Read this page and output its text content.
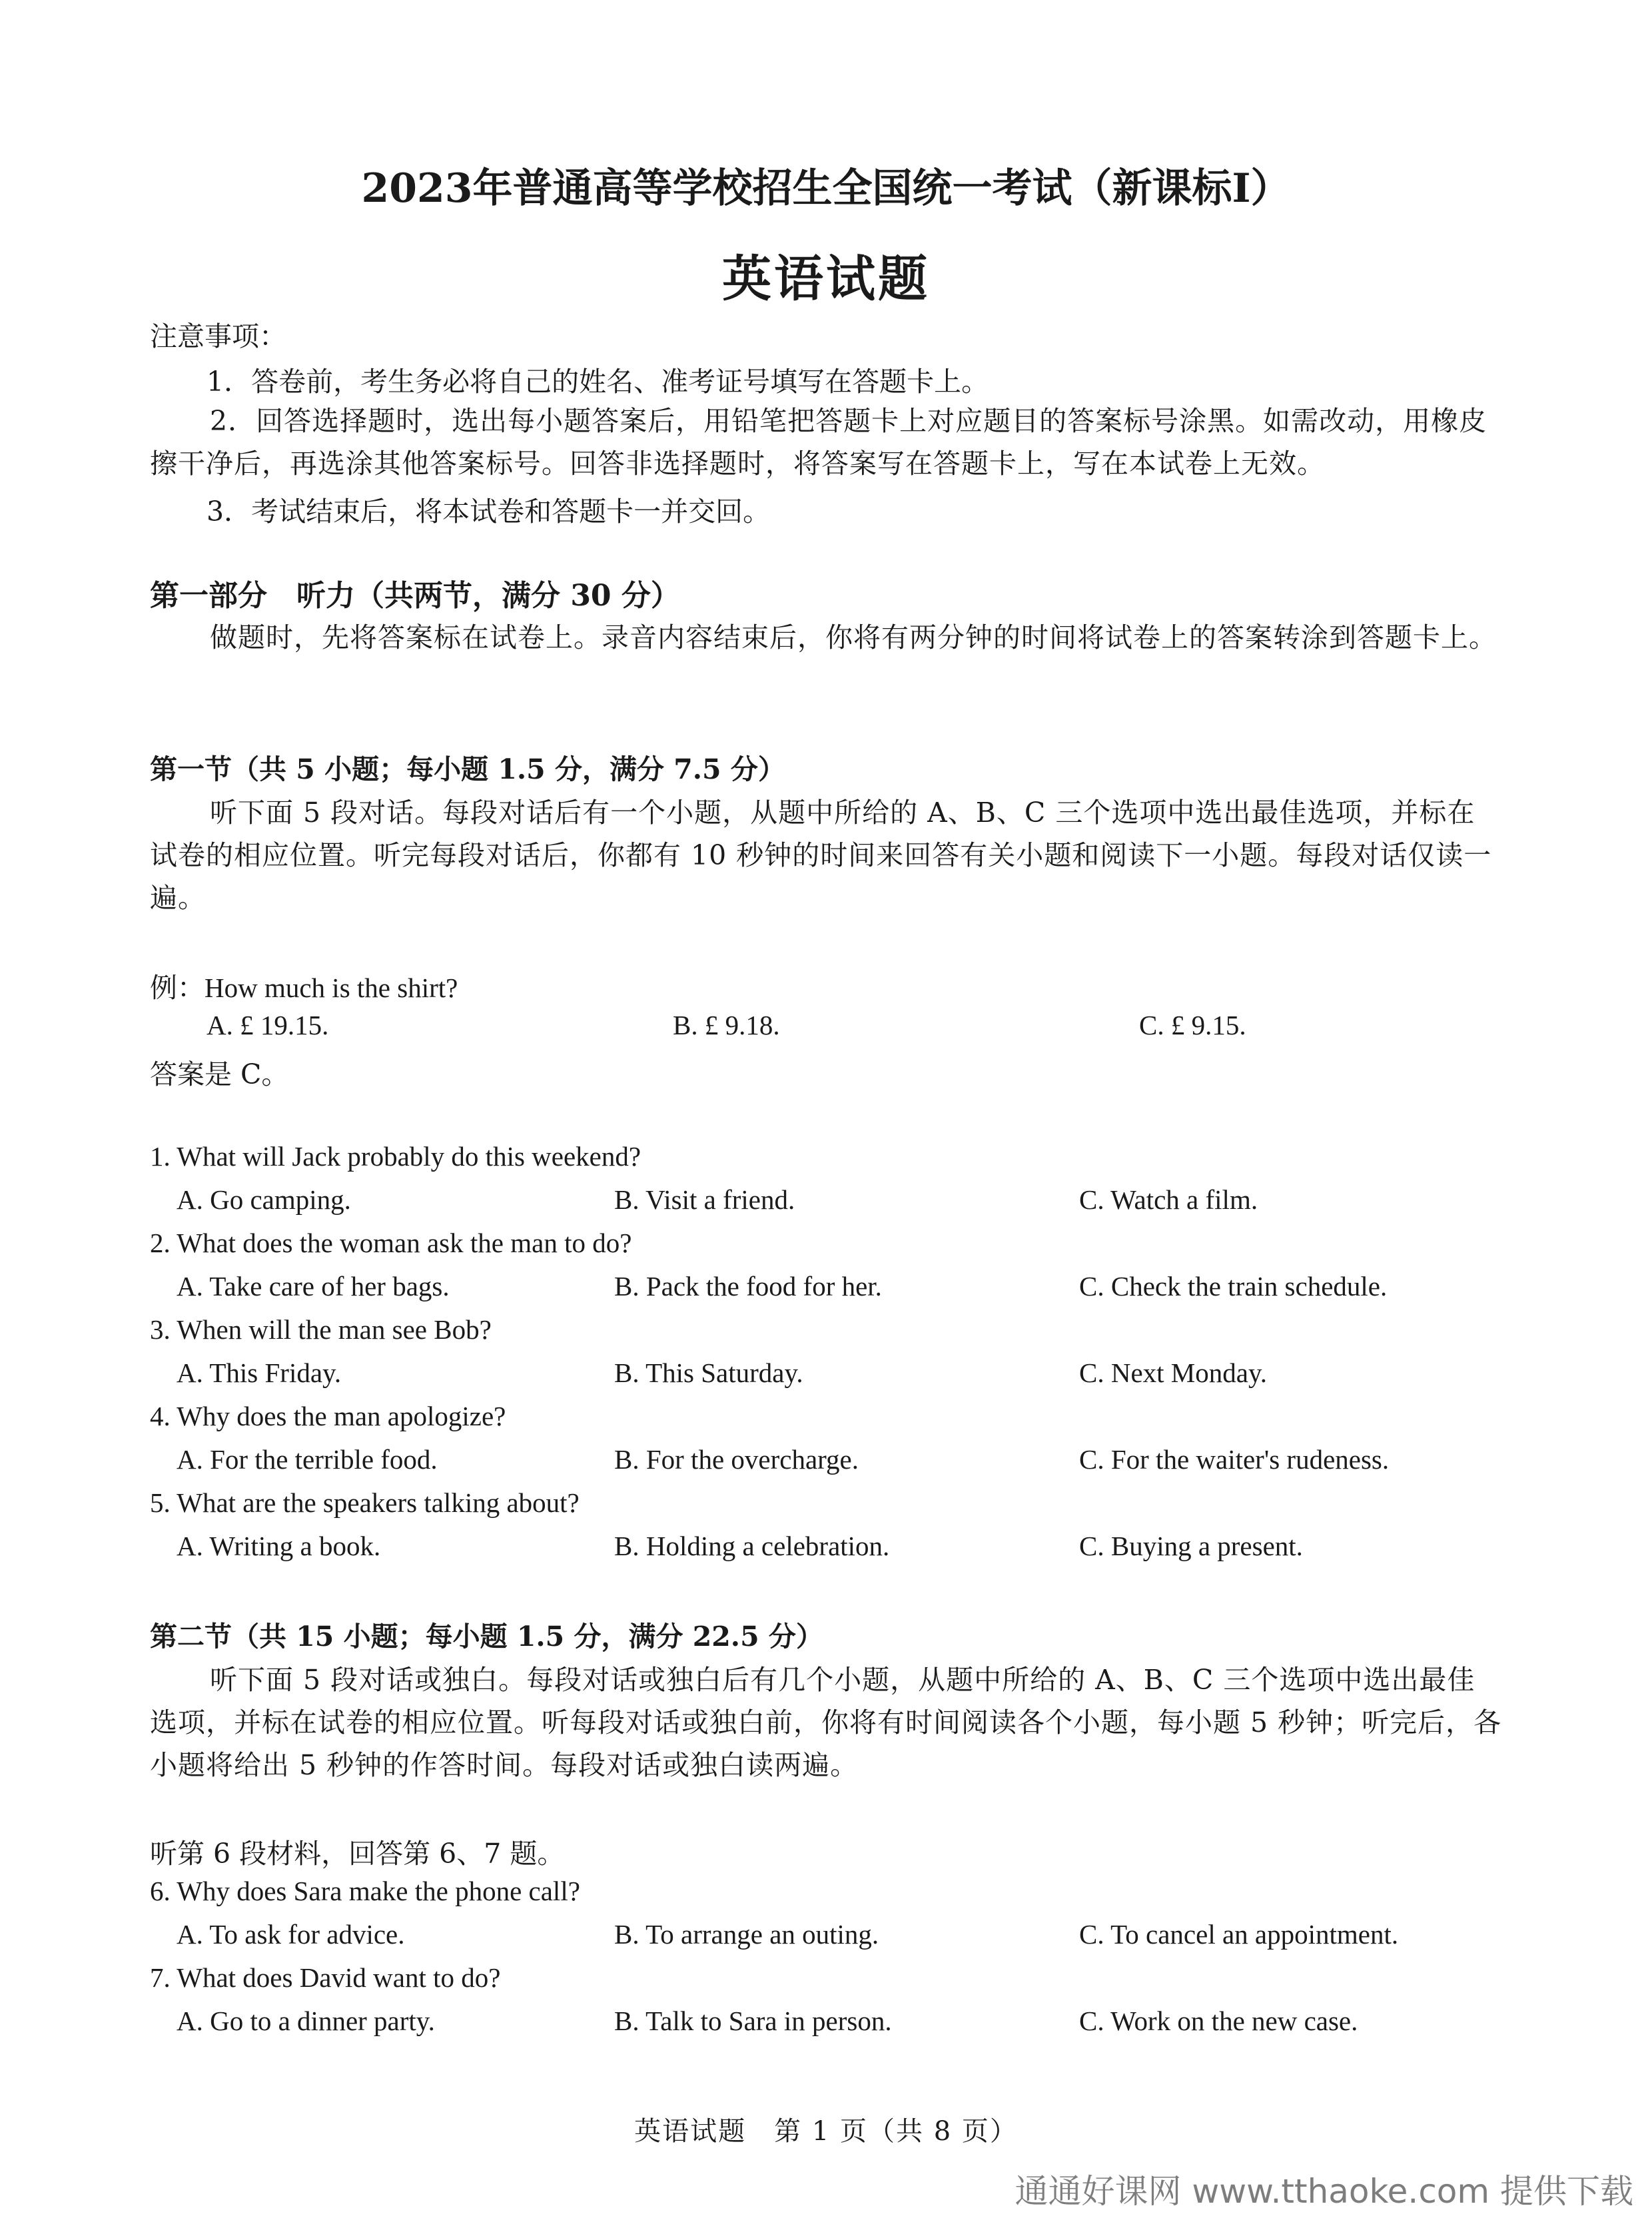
2023年普通高等学校招生全国统一考试（新课标Ⅰ）
英语试题
注意事项：
1．答卷前，考生务必将自己的姓名、准考证号填写在答题卡上。
2．回答选择题时，选出每小题答案后，用铅笔把答题卡上对应题目的答案标号涂黑。如需改动，用橡皮擦干净后，再选涂其他答案标号。回答非选择题时，将答案写在答题卡上，写在本试卷上无效。
3．考试结束后，将本试卷和答题卡一并交回。
第一部分　听力（共两节，满分 30 分）
做题时，先将答案标在试卷上。录音内容结束后，你将有两分钟的时间将试卷上的答案转涂到答题卡上。
第一节（共 5 小题；每小题 1.5 分，满分 7.5 分）
听下面 5 段对话。每段对话后有一个小题，从题中所给的 A、B、C 三个选项中选出最佳选项，并标在试卷的相应位置。听完每段对话后，你都有 10 秒钟的时间来回答有关小题和阅读下一小题。每段对话仅读一遍。
例：How much is the shirt?
A. £ 19.15.	B. £ 9.18.	C. £ 9.15.
答案是 C。
1. What will Jack probably do this weekend?
A. Go camping.	B. Visit a friend.	C. Watch a film.
2. What does the woman ask the man to do?
A. Take care of her bags.	B. Pack the food for her.	C. Check the train schedule.
3. When will the man see Bob?
A. This Friday.	B. This Saturday.	C. Next Monday.
4. Why does the man apologize?
A. For the terrible food.	B. For the overcharge.	C. For the waiter's rudeness.
5. What are the speakers talking about?
A. Writing a book.	B. Holding a celebration.	C. Buying a present.
第二节（共 15 小题；每小题 1.5 分，满分 22.5 分）
听下面 5 段对话或独白。每段对话或独白后有几个小题，从题中所给的 A、B、C 三个选项中选出最佳选项，并标在试卷的相应位置。听每段对话或独白前，你将有时间阅读各个小题，每小题 5 秒钟；听完后，各小题将给出 5 秒钟的作答时间。每段对话或独白读两遍。
听第 6 段材料，回答第 6、7 题。
6. Why does Sara make the phone call?
A. To ask for advice.	B. To arrange an outing.	C. To cancel an appointment.
7. What does David want to do?
A. Go to a dinner party.	B. Talk to Sara in person.	C. Work on the new case.
英语试题　第 1 页（共 8 页）
通通好课网 www.tthaoke.com 提供下载
